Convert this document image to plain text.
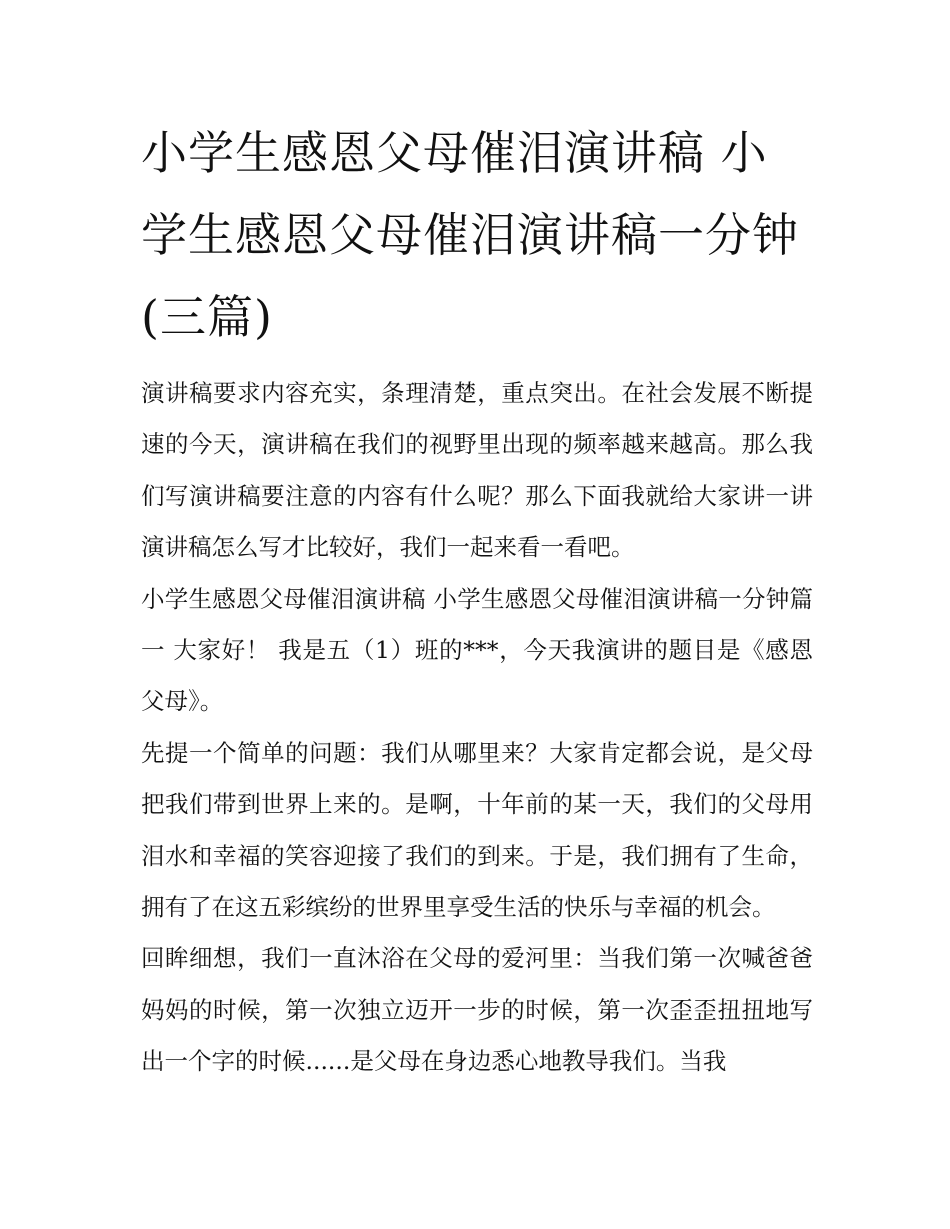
小学生感恩父母催泪演讲稿 小学生感恩父母催泪演讲稿一分钟(三篇)

演讲稿要求内容充实，条理清楚，重点突出。在社会发展不断提速的今天，演讲稿在我们的视野里出现的频率越来越高。那么我们写演讲稿要注意的内容有什么呢？那么下面我就给大家讲一讲演讲稿怎么写才比较好，我们一起来看一看吧。

小学生感恩父母催泪演讲稿 小学生感恩父母催泪演讲稿一分钟篇一 大家好！ 我是五（1）班的***，今天我演讲的题目是《感恩父母》。

先提一个简单的问题：我们从哪里来？大家肯定都会说，是父母把我们带到世界上来的。是啊，十年前的某一天，我们的父母用泪水和幸福的笑容迎接了我们的到来。于是，我们拥有了生命，拥有了在这五彩缤纷的世界里享受生活的快乐与幸福的机会。

回眸细想，我们一直沐浴在父母的爱河里：当我们第一次喊爸爸妈妈的时候，第一次独立迈开一步的时候，第一次歪歪扭扭地写出一个字的时候......是父母在身边悉心地教导我们。当我
